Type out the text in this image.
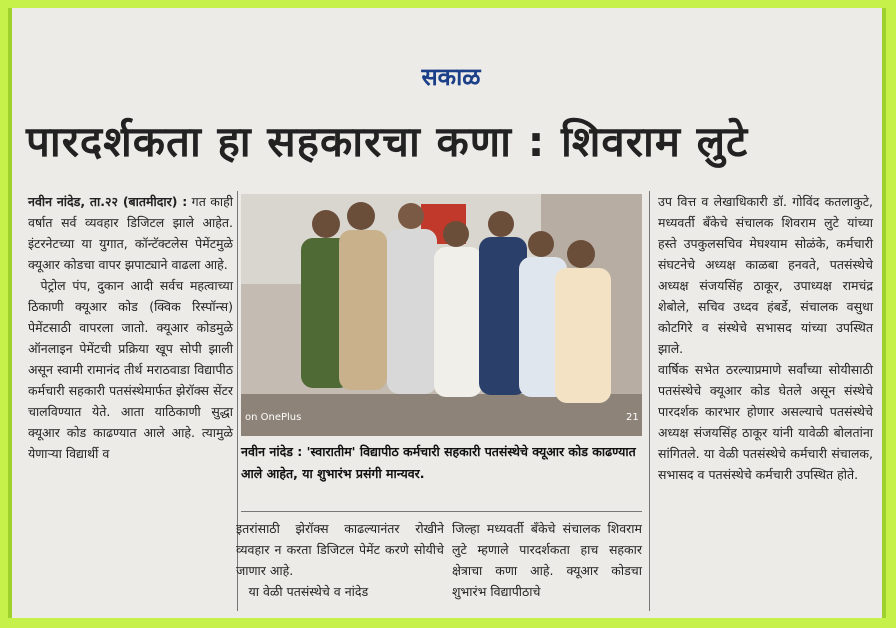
सकाळ
पारदर्शकता हा सहकारचा कणा : शिवराम लुटे
नवीन नांदेड, ता.२२ (बातमीदार) : गत काही वर्षात सर्व व्यवहार डिजिटल झाले आहेत. इंटरनेटच्या या युगात, कॉन्टॅक्टलेस पेमेंटमुळे क्यूआर कोडचा वापर झपाट्याने वाढला आहे.
 पेट्रोल पंप, दुकान आदी सर्वच महत्वाच्या ठिकाणी क्यूआर कोड (क्विक रिस्पॉन्स) पेमेंटसाठी वापरला जातो. क्यूआर कोडमुळे ऑनलाइन पेमेंटची प्रक्रिया खूप सोपी झाली असून स्वामी रामानंद तीर्थ मराठवाडा विद्यापीठ कर्मचारी सहकारी पतसंस्थेमार्फत झेरॉक्स सेंटर चालविण्यात येते. आता याठिकाणी सुद्धा क्यूआर कोड काढण्यात आले आहे. त्यामुळे येणाऱ्या विद्यार्थी व
on OnePlus	21
नवीन नांदेड : 'स्वारातीम' विद्यापीठ कर्मचारी सहकारी पतसंस्थेचे क्यूआर कोड काढण्यात आले आहेत, या शुभारंभ प्रसंगी मान्यवर.
इतरांसाठी झेरॉक्स काढल्यानंतर रोखीने व्यवहार न करता डिजिटल पेमेंट करणे सोयीचे जाणार आहे.
 या वेळी पतसंस्थेचे व नांदेड
जिल्हा मध्यवर्ती बँकेचे संचालक शिवराम लुटे म्हणाले पारदर्शकता हाच सहकार क्षेत्राचा कणा आहे. क्यूआर कोडचा शुभारंभ विद्यापीठाचे
उप वित्त व लेखाधिकारी डॉ. गोविंद कतलाकुटे, मध्यवर्ती बँकेचे संचालक शिवराम लुटे यांच्या हस्ते उपकुलसचिव मेघश्याम सोळंके, कर्मचारी संघटनेचे अध्यक्ष काळबा हनवते, पतसंस्थेचे अध्यक्ष संजयसिंह ठाकूर, उपाध्यक्ष रामचंद्र शेबोले, सचिव उध्दव हंबर्डे, संचालक वसुधा कोटगिरे व संस्थेचे सभासद यांच्या उपस्थित झाले.
वार्षिक सभेत ठरल्याप्रमाणे सर्वांच्या सोयीसाठी पतसंस्थेचे क्यूआर कोड घेतले असून संस्थेचे पारदर्शक कारभार होणार असल्याचे पतसंस्थेचे अध्यक्ष संजयसिंह ठाकूर यांनी यावेळी बोलतांना सांगितले. या वेळी पतसंस्थेचे कर्मचारी संचालक, सभासद व पतसंस्थेचे कर्मचारी उपस्थित होते.
